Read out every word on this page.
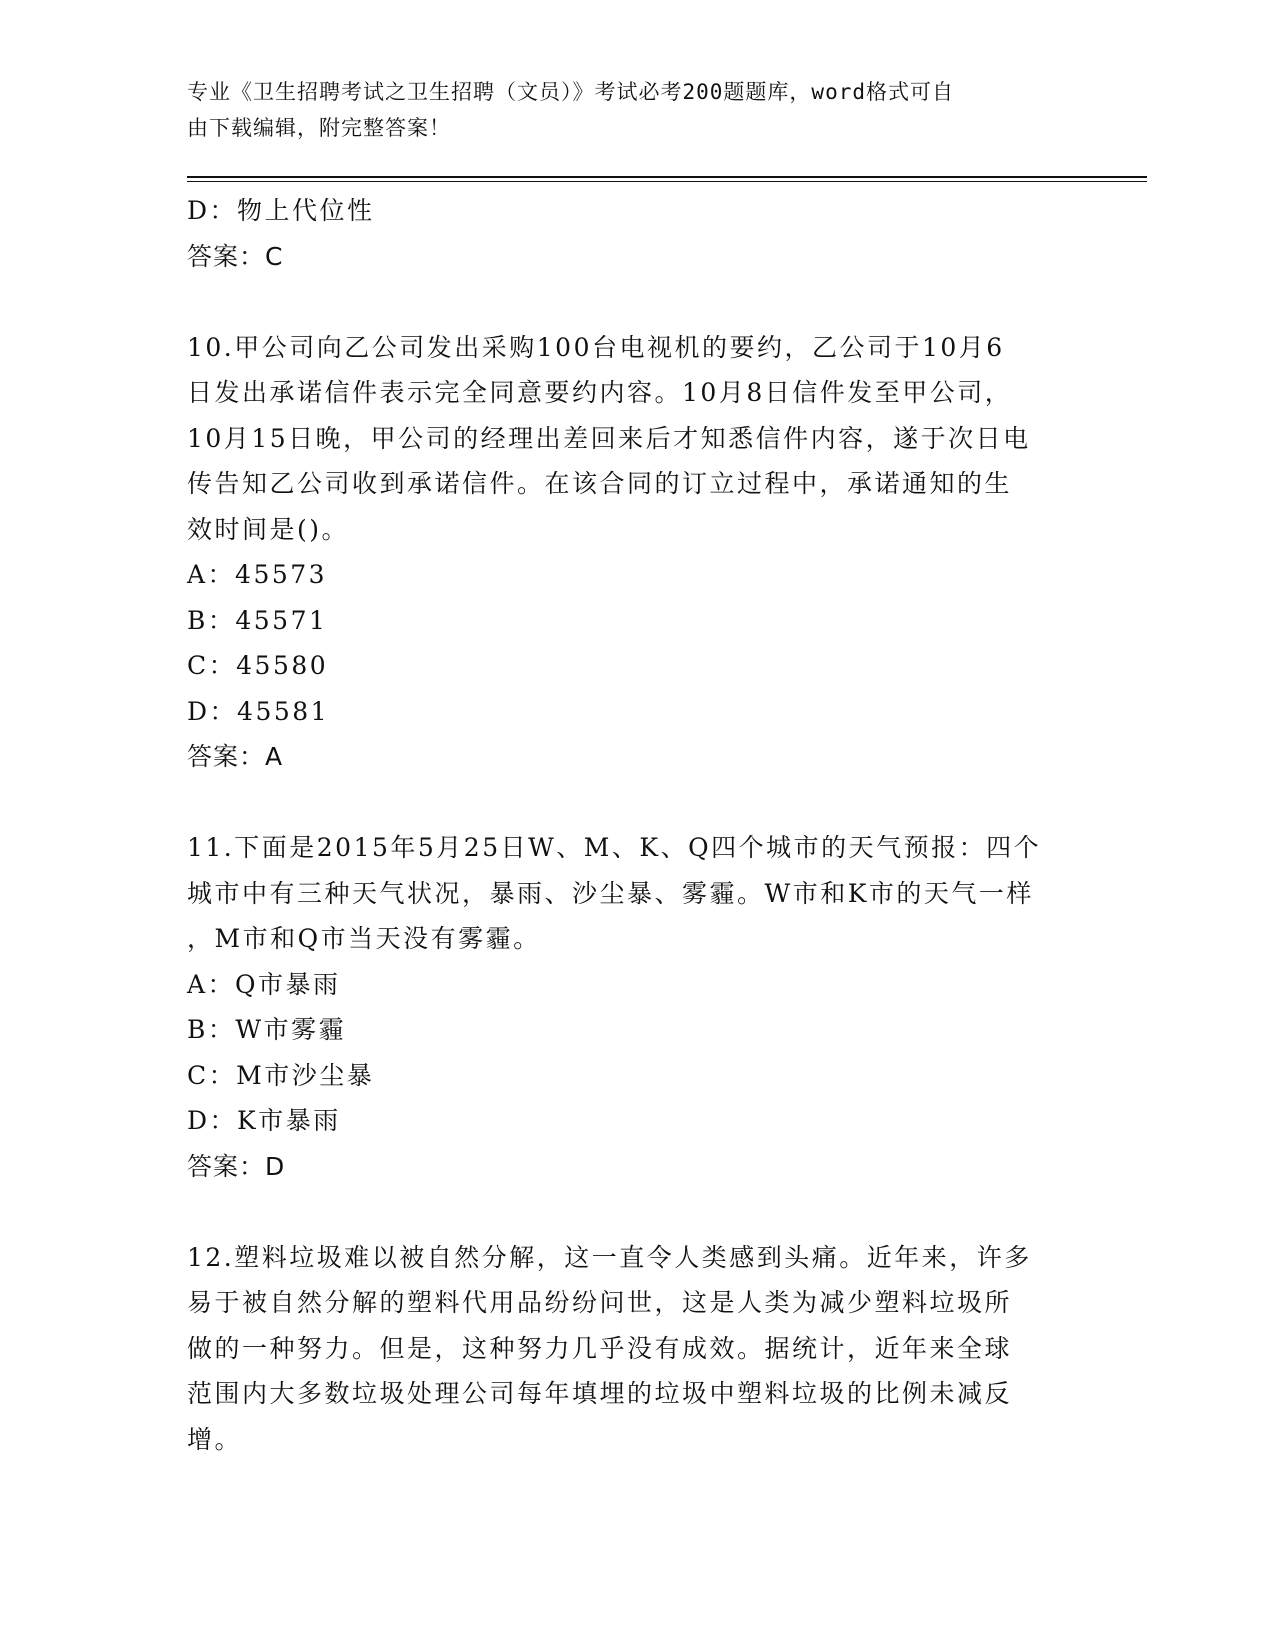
专业《卫生招聘考试之卫生招聘（文员）》考试必考200题题库，word格式可自
由下载编辑，附完整答案！

D：物上代位性

答案：C

10.甲公司向乙公司发出采购100台电视机的要约，乙公司于10月6

日发出承诺信件表示完全同意要约内容。10月8日信件发至甲公司，

10月15日晚，甲公司的经理出差回来后才知悉信件内容，遂于次日电

传告知乙公司收到承诺信件。在该合同的订立过程中，承诺通知的生

效时间是()。

A：45573

B：45571

C：45580

D：45581

答案：A

11.下面是2015年5月25日W、M、K、Q四个城市的天气预报：四个

城市中有三种天气状况，暴雨、沙尘暴、雾霾。W市和K市的天气一样

，M市和Q市当天没有雾霾。

A：Q市暴雨

B：W市雾霾

C：M市沙尘暴

D：K市暴雨

答案：D

12.塑料垃圾难以被自然分解，这一直令人类感到头痛。近年来，许多

易于被自然分解的塑料代用品纷纷问世，这是人类为减少塑料垃圾所

做的一种努力。但是，这种努力几乎没有成效。据统计，近年来全球

范围内大多数垃圾处理公司每年填埋的垃圾中塑料垃圾的比例未减反

增。
